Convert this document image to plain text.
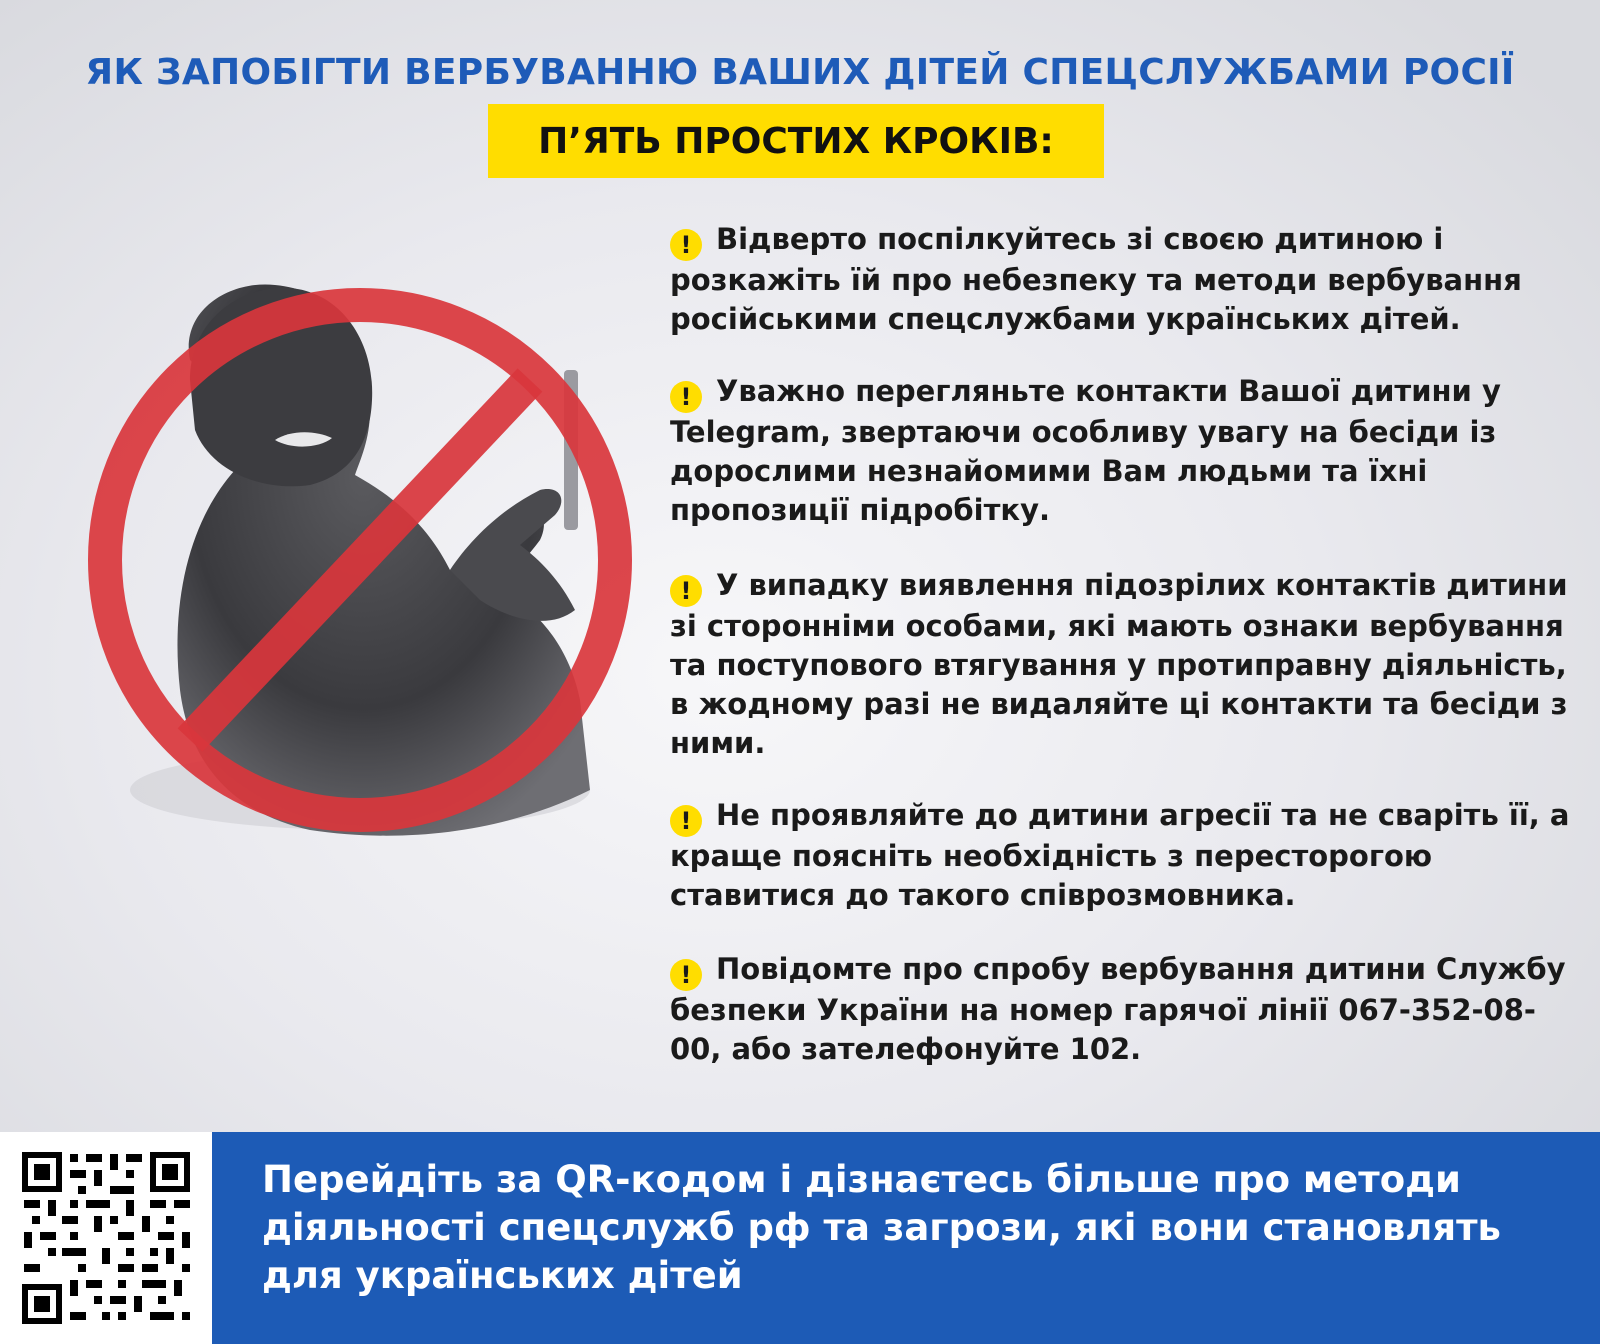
ЯК ЗАПОБІГТИ ВЕРБУВАННЮ ВАШИХ ДІТЕЙ СПЕЦСЛУЖБАМИ РОСІЇ
П’ЯТЬ ПРОСТИХ КРОКІВ:
! Відверто поспілкуйтесь зі своєю дитиною і розкажіть їй про небезпеку та методи вербування російськими спецслужбами українських дітей.
! Уважно перегляньте контакти Вашої дитини у Telegram, звертаючи особливу увагу на бесіди із дорослими незнайомими Вам людьми та їхні пропозиції підробітку.
! У випадку виявлення підозрілих контактів дитини зі сторонніми особами, які мають ознаки вербування та поступового втягування у протиправну діяльність, в жодному разі не видаляйте ці контакти та бесіди з ними.
! Не проявляйте до дитини агресії та не сваріть її, а краще поясніть необхідність з пересторогою ставитися до такого співрозмовника.
! Повідомте про спробу вербування дитини Службу безпеки України на номер гарячої лінії 067-352-08-00, або зателефонуйте 102.
Перейдіть за QR-кодом і дізнаєтесь більше про методи діяльності спецслужб рф та загрози, які вони становлять для українських дітей
